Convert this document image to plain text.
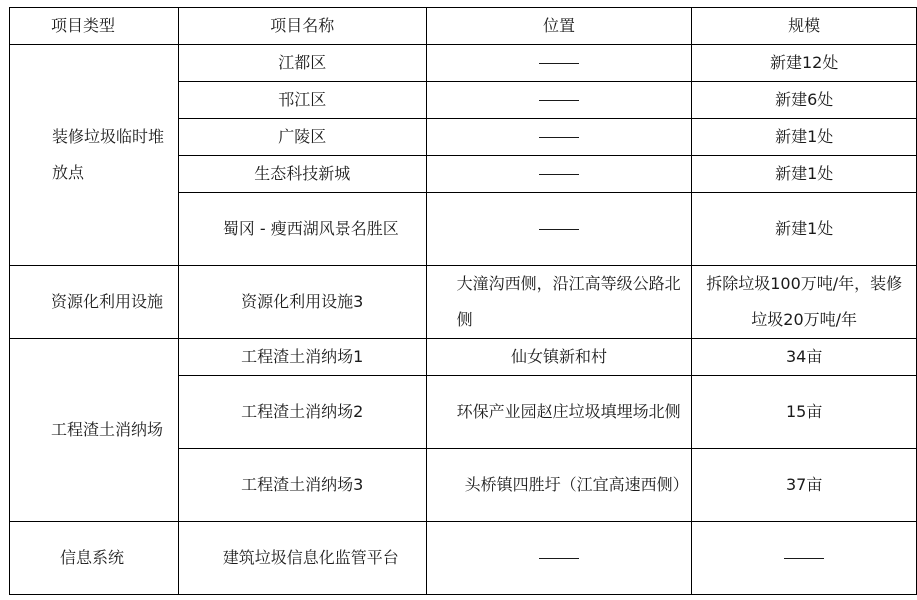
项目类型	项目名称	位置	规模
装修垃圾临时堆放点	江都区		新建12处
	邗江区		新建6处
	广陵区		新建1处
	生态科技新城		新建1处
	蜀冈 - 瘦西湖风景名胜区		新建1处
资源化利用设施	资源化利用设施3	大潼沟西侧，沿江高等级公路北侧	拆除垃圾100万吨/年，装修垃圾20万吨/年
工程渣土消纳场	工程渣土消纳场1	仙女镇新和村	34亩
	工程渣土消纳场2	环保产业园赵庄垃圾填埋场北侧	15亩
	工程渣土消纳场3	头桥镇四胜圩（江宜高速西侧）	37亩
信息系统	建筑垃圾信息化监管平台		
